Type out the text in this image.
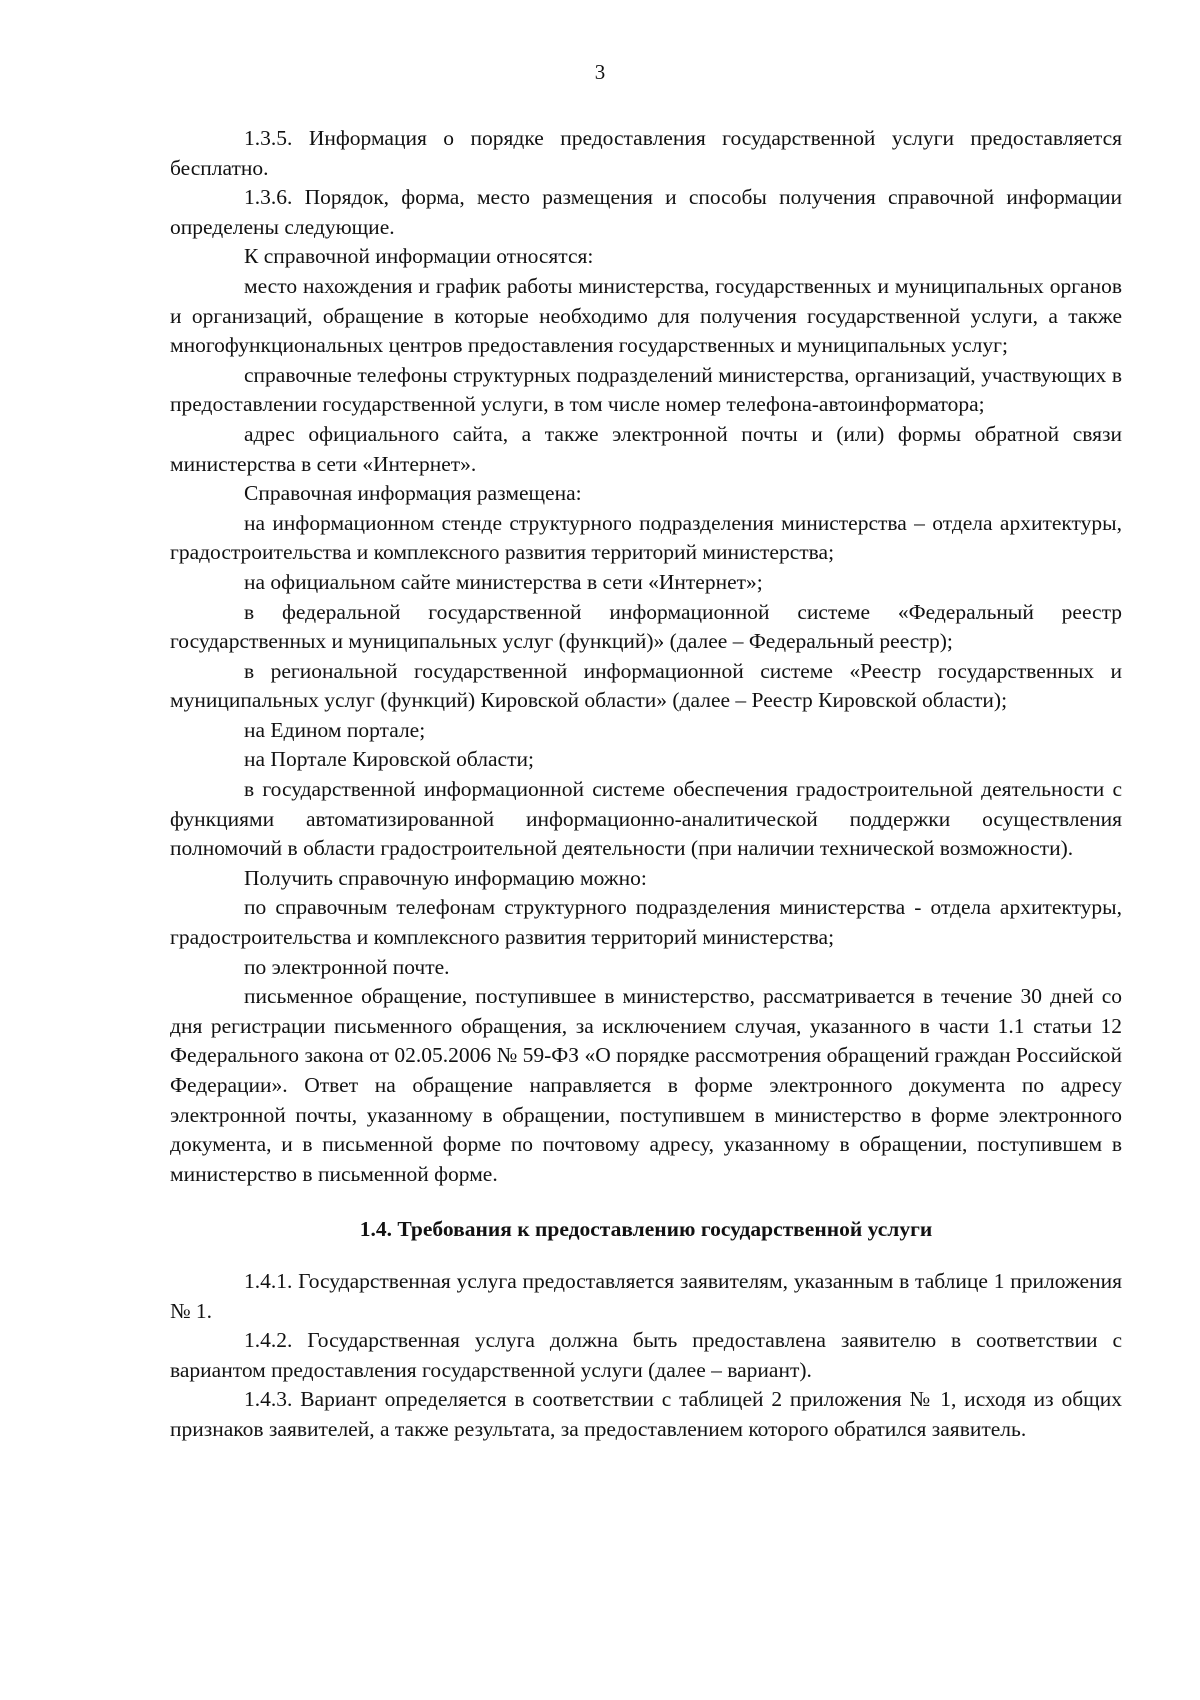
3

1.3.5. Информация о порядке предоставления государственной услуги предоставляется бесплатно.

1.3.6. Порядок, форма, место размещения и способы получения справочной информации определены следующие.

К справочной информации относятся:

место нахождения и график работы министерства, государственных и муниципальных органов и организаций, обращение в которые необходимо для получения государственной услуги, а также многофункциональных центров предоставления государственных и муниципальных услуг;

справочные телефоны структурных подразделений министерства, организаций, участвующих в предоставлении государственной услуги, в том числе номер телефона-автоинформатора;

адрес официального сайта, а также электронной почты и (или) формы обратной связи министерства в сети «Интернет».

Справочная информация размещена:

на информационном стенде структурного подразделения министерства – отдела архитектуры, градостроительства и комплексного развития территорий министерства;

на официальном сайте министерства в сети «Интернет»;

в федеральной государственной информационной системе «Федеральный реестр государственных и муниципальных услуг (функций)» (далее – Федеральный реестр);

в региональной государственной информационной системе «Реестр государственных и муниципальных услуг (функций) Кировской области» (далее – Реестр Кировской области);

на Едином портале;

на Портале Кировской области;

в государственной информационной системе обеспечения градостроительной деятельности с функциями автоматизированной информационно-аналитической поддержки осуществления полномочий в области градостроительной деятельности (при наличии технической возможности).

Получить справочную информацию можно:

по справочным телефонам структурного подразделения министерства - отдела архитектуры, градостроительства и комплексного развития территорий министерства;

по электронной почте.

письменное обращение, поступившее в министерство, рассматривается в течение 30 дней со дня регистрации письменного обращения, за исключением случая, указанного в части 1.1 статьи 12 Федерального закона от 02.05.2006 № 59-ФЗ «О порядке рассмотрения обращений граждан Российской Федерации». Ответ на обращение направляется в форме электронного документа по адресу электронной почты, указанному в обращении, поступившем в министерство в форме электронного документа, и в письменной форме по почтовому адресу, указанному в обращении, поступившем в министерство в письменной форме.

1.4. Требования к предоставлению государственной услуги

1.4.1. Государственная услуга предоставляется заявителям, указанным в таблице 1 приложения № 1.

1.4.2. Государственная услуга должна быть предоставлена заявителю в соответствии с вариантом предоставления государственной услуги (далее – вариант).

1.4.3. Вариант определяется в соответствии с таблицей 2 приложения № 1, исходя из общих признаков заявителей, а также результата, за предоставлением которого обратился заявитель.
